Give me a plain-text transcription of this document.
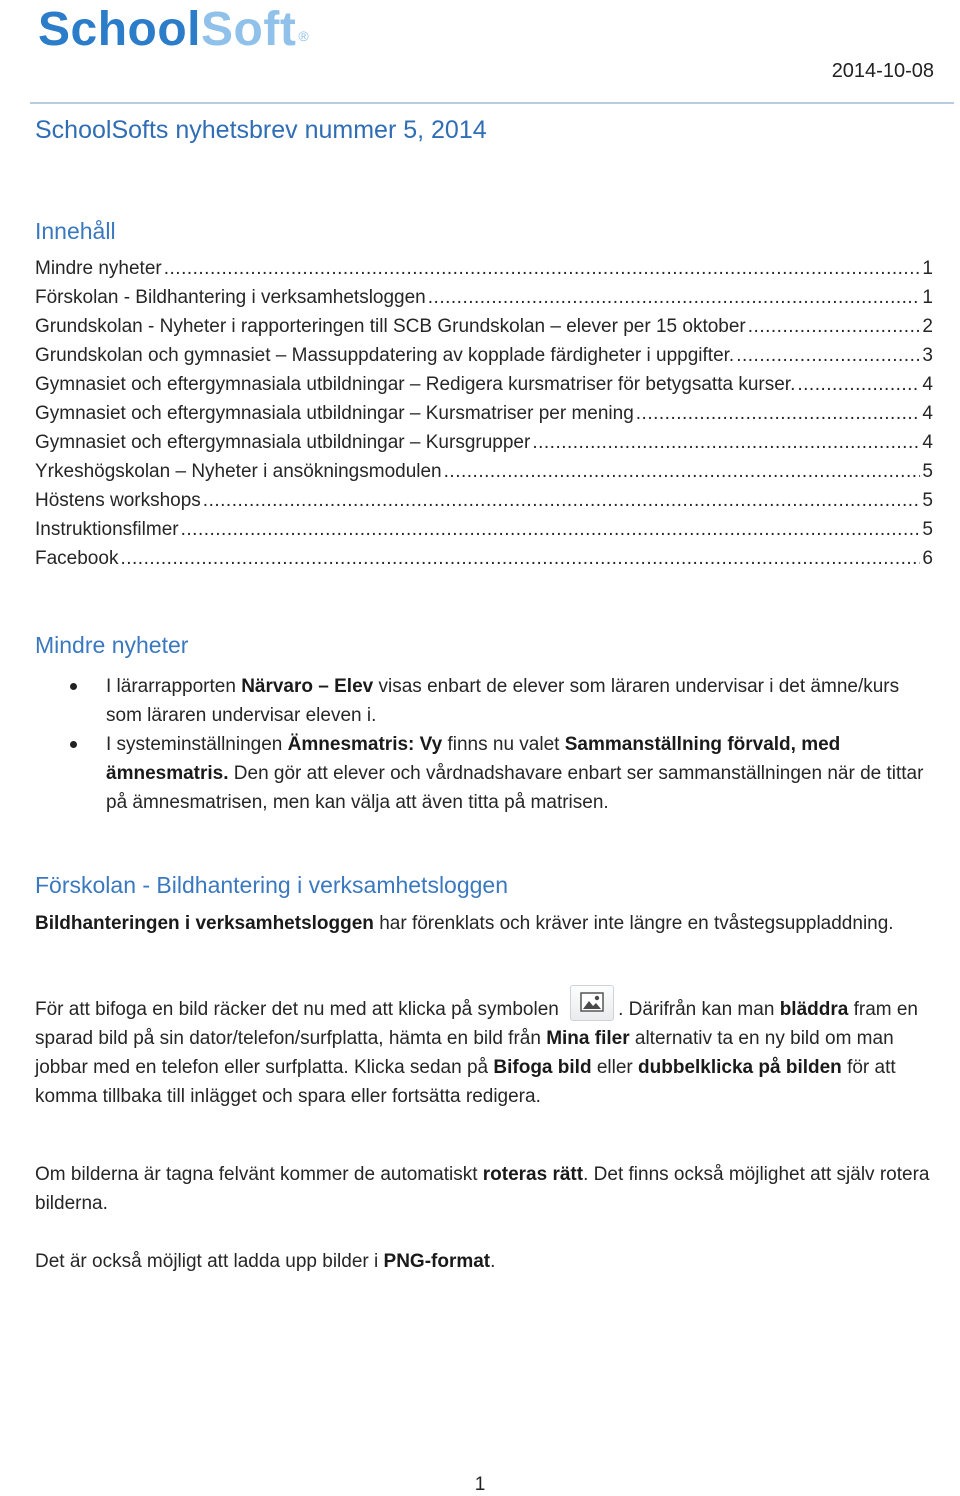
SchoolSoft ®
2014-10-08
SchoolSofts nyhetsbrev nummer 5, 2014
Innehåll
Mindre nyheter .....	1
Förskolan - Bildhantering i verksamhetsloggen .....	1
Grundskolan - Nyheter i rapporteringen till SCB Grundskolan – elever per 15 oktober .....	2
Grundskolan och gymnasiet – Massuppdatering av kopplade färdigheter i uppgifter. .....	3
Gymnasiet och eftergymnasiala utbildningar – Redigera kursmatriser för betygsatta kurser. .....	4
Gymnasiet och eftergymnasiala utbildningar – Kursmatriser per mening .....	4
Gymnasiet och eftergymnasiala utbildningar – Kursgrupper .....	4
Yrkeshögskolan – Nyheter i ansökningsmodulen .....	5
Höstens workshops .....	5
Instruktionsfilmer .....	5
Facebook .....	6
Mindre nyheter
I lärarrapporten Närvaro – Elev visas enbart de elever som läraren undervisar i det ämne/kurs som läraren undervisar eleven i.
I systeminställningen Ämnesmatris: Vy finns nu valet Sammanställning förvald, med ämnesmatris. Den gör att elever och vårdnadshavare enbart ser sammanställningen när de tittar på ämnesmatrisen, men kan välja att även titta på matrisen.
Förskolan - Bildhantering i verksamhetsloggen

Bildhanteringen i verksamhetsloggen har förenklats och kräver inte längre en tvåstegsuppladdning.

För att bifoga en bild räcker det nu med att klicka på symbolen	. Därifrån kan man bläddra fram en sparad bild på sin dator/telefon/surfplatta, hämta en bild från Mina filer alternativ ta en ny bild om man jobbar med en telefon eller surfplatta. Klicka sedan på Bifoga bild eller dubbelklicka på bilden för att komma tillbaka till inlägget och spara eller fortsätta redigera.

Om bilderna är tagna felvänt kommer de automatiskt roteras rätt. Det finns också möjlighet att själv rotera bilderna.

Det är också möjligt att ladda upp bilder i PNG-format.

1
